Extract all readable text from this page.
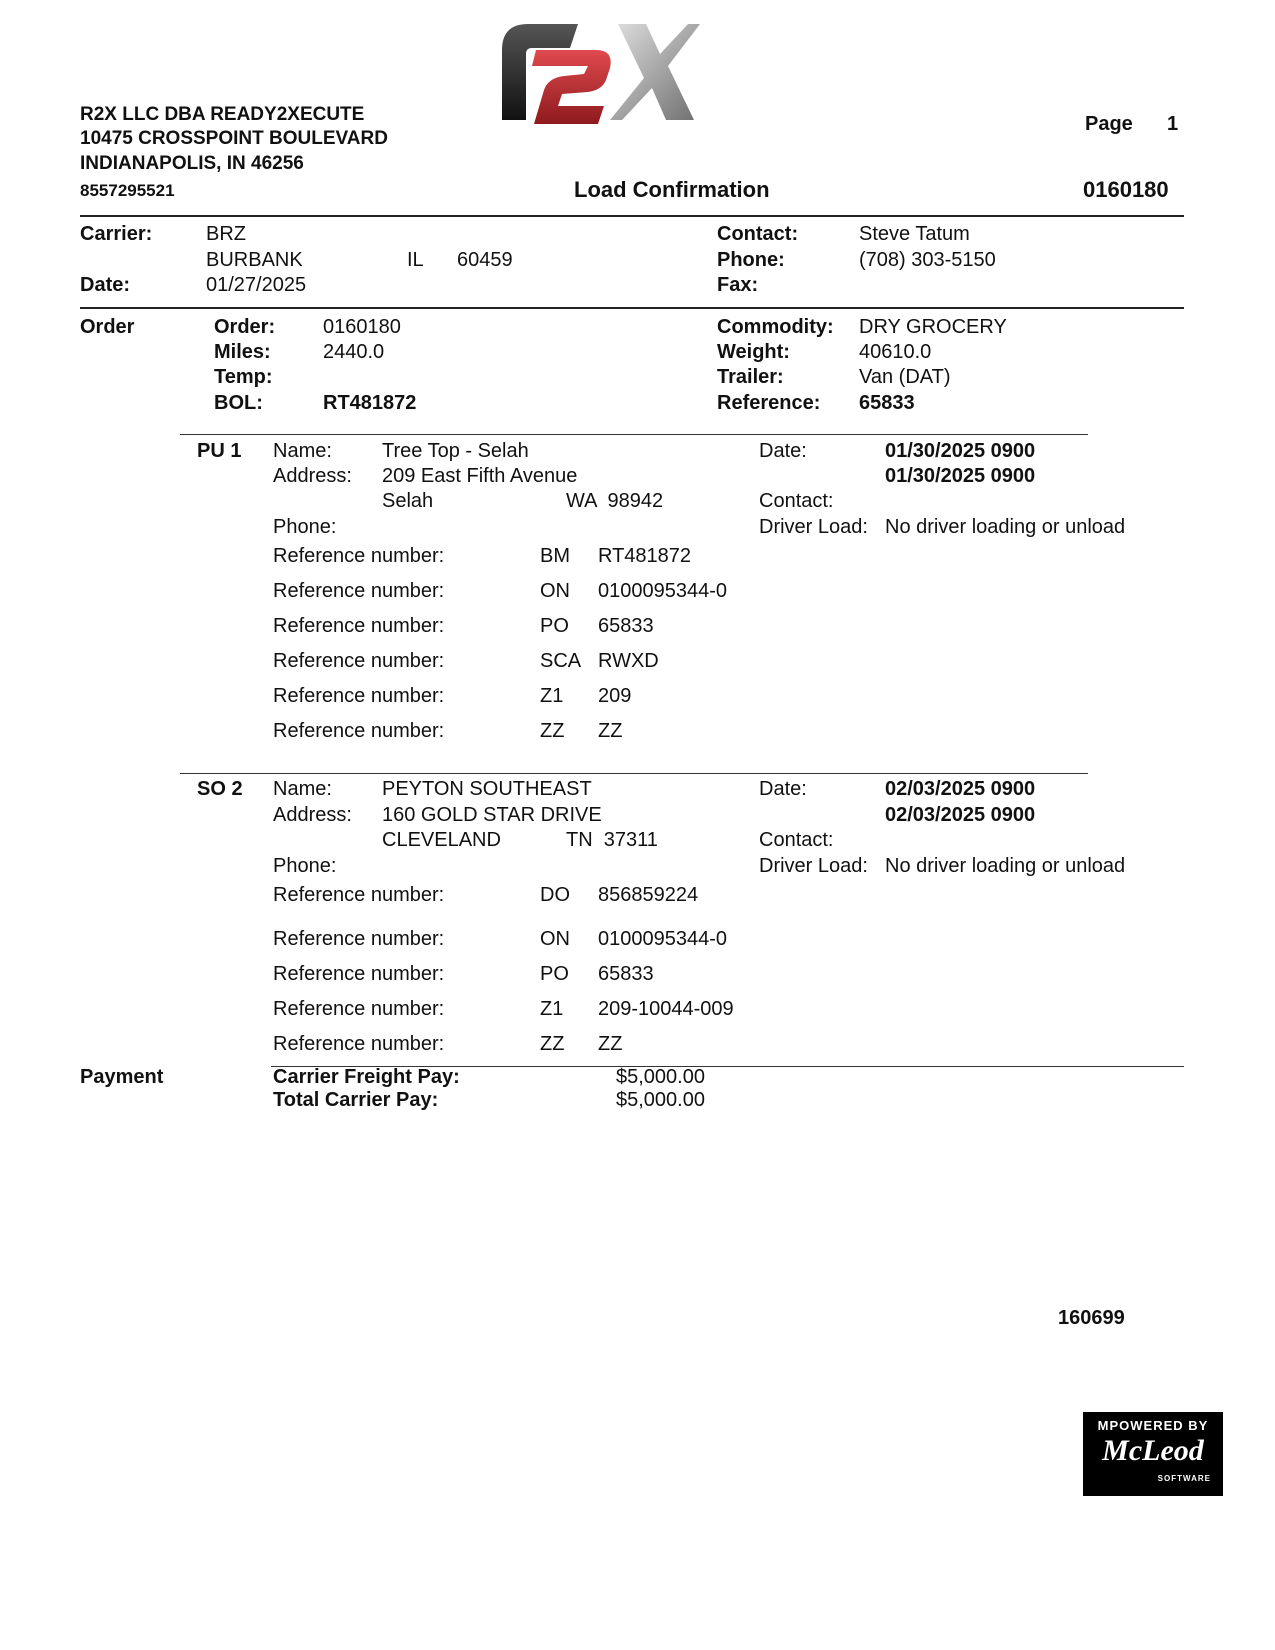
R2X LLC DBA READY2XECUTE
10475 CROSSPOINT BOULEVARD
INDIANAPOLIS, IN 46256
8557295521
Page 1
Load Confirmation	0160180
Carrier:	BRZ
BURBANK	IL 60459
Date:	01/27/2025
Contact:	Steve Tatum
Phone:	(708) 303-5150
Fax:
Order	Order: 0160180
Miles:	2440.0
Temp:
BOL:	RT481872
Commodity: DRY GROCERY
Weight:	40610.0
Trailer:	Van (DAT)
Reference: 65833
PU 1 Name:	Tree Top - Selah
Address: 209 East Fifth Avenue
Selah	WA  98942
Phone:
Date:	01/30/2025 0900
01/30/2025 0900
Contact:
Driver Load: No driver loading or unload
Reference number:	BM RT481872
Reference number:	ON 0100095344-0
Reference number:	PO 65833
Reference number:	SCA RWXD
Reference number:	Z1 209
Reference number:	ZZ ZZ
SO 2 Name:	PEYTON SOUTHEAST
Address: 160 GOLD STAR DRIVE
CLEVELAND	TN  37311
Phone:
Date:	02/03/2025 0900
02/03/2025 0900
Contact:
Driver Load: No driver loading or unload
Reference number:	DO 856859224
Reference number:	ON 0100095344-0
Reference number:	PO 65833
Reference number:	Z1 209-10044-009
Reference number:	ZZ ZZ
Payment	Carrier Freight Pay:	$5,000.00
Total Carrier Pay:	$5,000.00
160699
MPOWERED BY
McLeod
SOFTWARE
